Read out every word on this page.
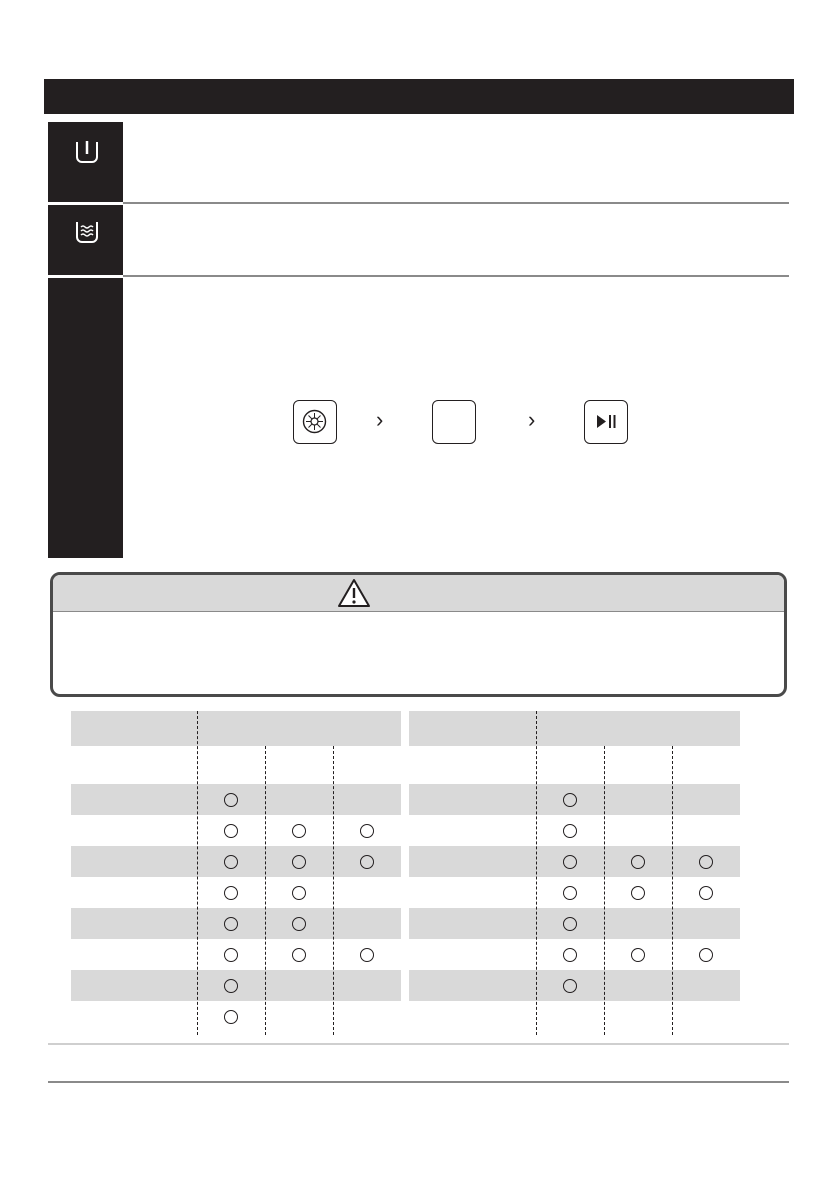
›	›
